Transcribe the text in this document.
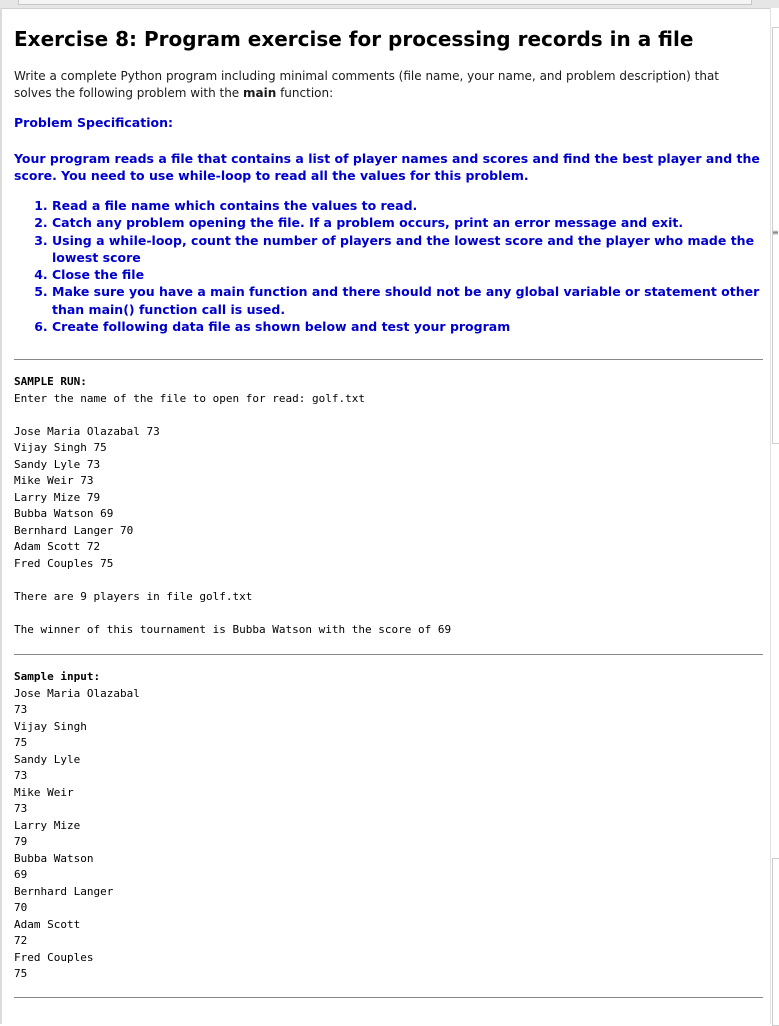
≡
Exercise 8: Program exercise for processing records in a file

Write a complete Python program including minimal comments (file name, your name, and problem description) that solves the following problem with the main function:

Problem Specification:

Your program reads a file that contains a list of player names and scores and find the best player and the score. You need to use while-loop to read all the values for this problem.

1. Read a file name which contains the values to read.
2. Catch any problem opening the file. If a problem occurs, print an error message and exit.
3. Using a while-loop, count the number of players and the lowest score and the player who made the lowest score
4. Close the file
5. Make sure you have a main function and there should not be any global variable or statement other than main() function call is used.
6. Create following data file as shown below and test your program

SAMPLE RUN:

Enter the name of the file to open for read: golf.txt

Jose Maria Olazabal 73

Vijay Singh 75

Sandy Lyle 73

Mike Weir 73

Larry Mize 79

Bubba Watson 69

Bernhard Langer 70

Adam Scott 72

Fred Couples 75

There are 9 players in file golf.txt

The winner of this tournament is Bubba Watson with the score of 69

Sample input:

Jose Maria Olazabal

73

Vijay Singh

75

Sandy Lyle

73

Mike Weir

73

Larry Mize

79

Bubba Watson

69

Bernhard Langer

70

Adam Scott

72

Fred Couples

75
